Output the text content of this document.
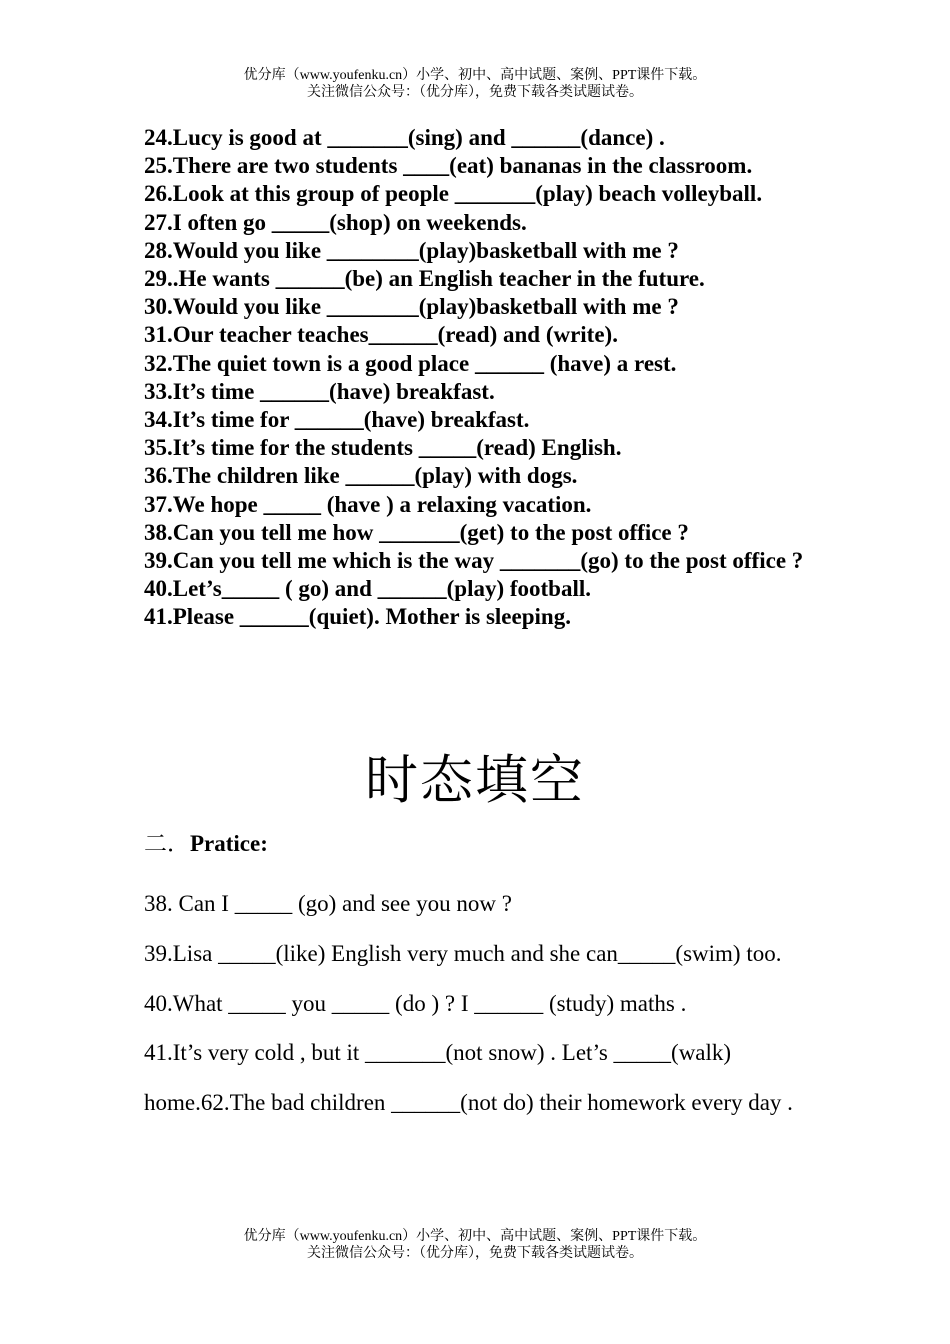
优分库（www.youfenku.cn）小学、初中、高中试题、案例、PPT课件下载。
关注微信公众号：（优分库），免费下载各类试题试卷。
24.Lucy is good at _______(sing) and ______(dance) .
25.There are two students ____(eat) bananas in the classroom.
26.Look at this group of people _______(play) beach volleyball.
27.I often go _____(shop) on weekends.
28.Would you like ________(play)basketball with me ?
29..He wants ______(be) an English teacher in the future.
30.Would you like ________(play)basketball with me ?
31.Our teacher teaches______(read) and (write).
32.The quiet town is a good place ______ (have) a rest.
33.It’s time ______(have) breakfast.
34.It’s time for ______(have) breakfast.
35.It’s time for the students _____(read) English.
36.The children like ______(play) with dogs.
37.We hope _____ (have ) a relaxing vacation.
38.Can you tell me how _______(get) to the post office ?
39.Can you tell me which is the way _______(go) to the post office ?
40.Let’s_____ ( go) and ______(play) football.
41.Please ______(quiet). Mother is sleeping.
时态填空
二．Pratice:
38. Can I _____ (go) and see you now ?
39.Lisa _____(like) English very much and she can_____(swim) too.
40.What _____ you _____ (do ) ? I ______ (study) maths .
41.It’s very cold , but it _______(not snow) . Let’s _____(walk) home.62.The bad children ______(not do) their homework every day .
优分库（www.youfenku.cn）小学、初中、高中试题、案例、PPT课件下载。
关注微信公众号：（优分库），免费下载各类试题试卷。
